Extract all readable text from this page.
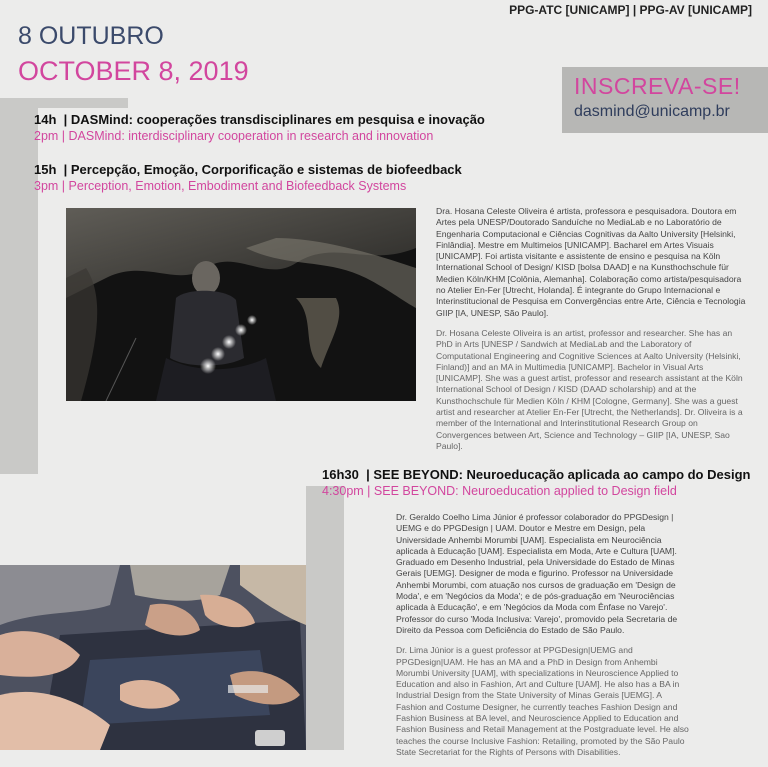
PPG-ATC [UNICAMP] | PPG-AV [UNICAMP]
8 OUTUBRO
OCTOBER 8, 2019	INSCREVA-SE!
dasmind@unicamp.br
14h  | DASMind: cooperações transdisciplinares em pesquisa e inovação
2pm | DASMind: interdisciplinary cooperation in research and innovation
15h  | Percepção, Emoção, Corporificação e sistemas de biofeedback
3pm | Perception, Emotion, Embodiment and Biofeedback Systems

Dra. Hosana Celeste Oliveira é artista, professora e pesquisadora. Doutora em Artes pela UNESP/Doutorado Sanduíche no MediaLab e no Laboratório de Engenharia Computacional e Ciências Cognitivas da Aalto University [Helsinki, Finlândia]. Mestre em Multimeios [UNICAMP]. Bacharel em Artes Visuais [UNICAMP]. Foi artista visitante e assistente de ensino e pesquisa na Köln International School of Design/ KISD [bolsa DAAD] e na Kunsthochschule für Medien Köln/KHM [Colônia, Alemanha]. Colaboração como artista/pesquisadora no Atelier En-Fer [Utrecht, Holanda]. É integrante do Grupo Internacional e Interinstitucional de Pesquisa em Convergências entre Arte, Ciência e Tecnologia GIIP [IA, UNESP, São Paulo].

Dr. Hosana Celeste Oliveira is an artist, professor and researcher. She has an PhD in Arts [UNESP / Sandwich at MediaLab and the Laboratory of Computational Engineering and Cognitive Sciences at Aalto University (Helsinki, Finland)] and an MA in Multimedia [UNICAMP]. Bachelor in Visual Arts [UNICAMP]. She was a guest artist, professor and research assistant at the Köln International School of Design / KISD (DAAD scholarship) and at the Kunsthochschule für Medien Köln / KHM [Cologne, Germany]. She was a guest artist and researcher at Atelier En-Fer [Utrecht, the Netherlands]. Dr. Oliveira is a member of the International and Interinstitutional Research Group on Convergences between Art, Science and Technology – GIIP [IA, UNESP, Sao Paulo].

16h30  | SEE BEYOND: Neuroeducação aplicada ao campo do Design
4:30pm | SEE BEYOND: Neuroeducation applied to Design field

Dr. Geraldo Coelho Lima Júnior é professor colaborador do PPGDesign | UEMG e do PPGDesign | UAM. Doutor e Mestre em Design, pela Universidade Anhembi Morumbi [UAM]. Especialista em Neurociência aplicada à Educação [UAM]. Especialista em Moda, Arte e Cultura [UAM]. Graduado em Desenho Industrial, pela Universidade do Estado de Minas Gerais [UEMG]. Designer de moda e figurino. Professor na Universidade Anhembi Morumbi, com atuação nos cursos de graduação em 'Design de Moda', e em 'Negócios da Moda'; e de pós-graduação em 'Neurociências aplicada à Educação', e em 'Negócios da Moda com Ênfase no Varejo'. Professor do curso 'Moda Inclusiva: Varejo', promovido pela Secretaria de Direito da Pessoa com Deficiência do Estado de São Paulo.

Dr. Lima Júnior is a guest professor at PPGDesign|UEMG and PPGDesign|UAM. He has an MA and a PhD in Design from Anhembi Morumbi University [UAM], with specializations in Neuroscience Applied to Education and also in Fashion, Art and Culture [UAM]. He also has a BA in Industrial Design from the State University of Minas Gerais [UEMG]. A Fashion and Costume Designer, he currently teaches Fashion Design and Fashion Business at BA level, and Neuroscience Applied to Education and Fashion Business and Retail Management at the Postgraduate level. He also teaches the course Inclusive Fashion: Retailing, promoted by the São Paulo State Secretariat for the Rights of Persons with Disabilities.
